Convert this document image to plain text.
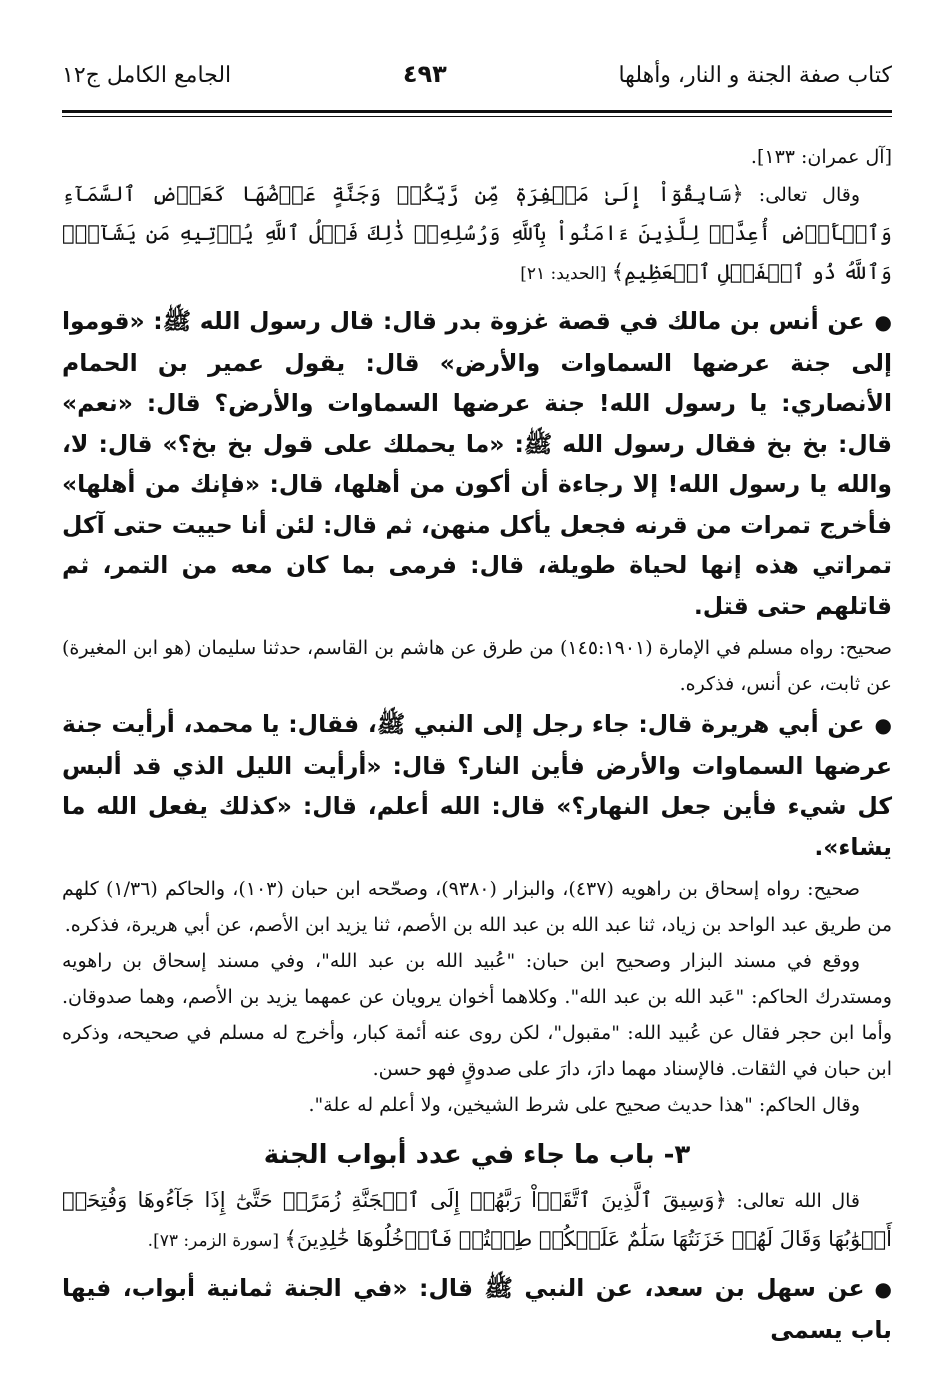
كتاب صفة الجنة و النار، وأهلها
٤٩٣
الجامع الكامل ج١٢

[آل عمران: ١٣٣].

وقال تعالى: ﴿سَابِقُوٓاْ إِلَىٰ مَغۡفِرَةٖ مِّن رَّبِّكُمۡ وَجَنَّةٍ عَرۡضُهَا كَعَرۡضِ ٱلسَّمَآءِ وَٱلۡأَرۡضِ أُعِدَّتۡ لِلَّذِينَ ءَامَنُواْ بِٱللَّهِ وَرُسُلِهِۦۚ ذَٰلِكَ فَضۡلُ ٱللَّهِ يُؤۡتِيهِ مَن يَشَآءُۚ وَٱللَّهُ ذُو ٱلۡفَضۡلِ ٱلۡعَظِيمِ﴾ [الحديد: ٢١]

●عن أنس بن مالك في قصة غزوة بدر قال: قال رسول الله ﷺ: «قوموا إلى جنة عرضها السماوات والأرض» قال: يقول عمير بن الحمام الأنصاري: يا رسول الله! جنة عرضها السماوات والأرض؟ قال: «نعم» قال: بخ بخ فقال رسول الله ﷺ: «ما يحملك على قول بخ بخ؟» قال: لا، والله يا رسول الله! إلا رجاءة أن أكون من أهلها، قال: «فإنك من أهلها» فأخرج تمرات من قرنه فجعل يأكل منهن، ثم قال: لئن أنا حييت حتى آكل تمراتي هذه إنها لحياة طويلة، قال: فرمى بما كان معه من التمر، ثم قاتلهم حتى قتل.

صحيح: رواه مسلم في الإمارة (١٤٥:١٩٠١) من طرق عن هاشم بن القاسم، حدثنا سليمان (هو ابن المغيرة) عن ثابت، عن أنس، فذكره.

●عن أبي هريرة قال: جاء رجل إلى النبي ﷺ، فقال: يا محمد، أرأيت جنة عرضها السماوات والأرض فأين النار؟ قال: «أرأيت الليل الذي قد ألبس كل شيء فأين جعل النهار؟» قال: الله أعلم، قال: «كذلك يفعل الله ما يشاء».

صحيح: رواه إسحاق بن راهويه (٤٣٧)، والبزار (٩٣٨٠)، وصحّحه ابن حبان (١٠٣)، والحاكم (١/٣٦) كلهم من طريق عبد الواحد بن زياد، ثنا عبد الله بن عبد الله بن الأصم، ثنا يزيد ابن الأصم، عن أبي هريرة، فذكره.

ووقع في مسند البزار وصحيح ابن حبان: "عُبيد الله بن عبد الله"، وفي مسند إسحاق بن راهويه ومستدرك الحاكم: "عَبد الله بن عبد الله". وكلاهما أخوان يرويان عن عمهما يزيد بن الأصم، وهما صدوقان. وأما ابن حجر فقال عن عُبيد الله: "مقبول"، لكن روى عنه أئمة كبار، وأخرج له مسلم في صحيحه، وذكره ابن حبان في الثقات. فالإسناد مهما دارَ، دارَ على صدوقٍ فهو حسن.

وقال الحاكم: "هذا حديث صحيح على شرط الشيخين، ولا أعلم له علة".

٣- باب ما جاء في عدد أبواب الجنة

قال الله تعالى: ﴿وَسِيقَ ٱلَّذِينَ ٱتَّقَوۡاْ رَبَّهُمۡ إِلَى ٱلۡجَنَّةِ زُمَرًاۖ حَتَّىٰٓ إِذَا جَآءُوهَا وَفُتِحَتۡ أَبۡوَٰبُهَا وَقَالَ لَهُمۡ خَزَنَتُهَا سَلَٰمٌ عَلَيۡكُمۡ طِبۡتُمۡ فَٱدۡخُلُوهَا خَٰلِدِينَ﴾ [سورة الزمر: ٧٣].

●عن سهل بن سعد، عن النبي ﷺ قال: «في الجنة ثمانية أبواب، فيها باب يسمى
